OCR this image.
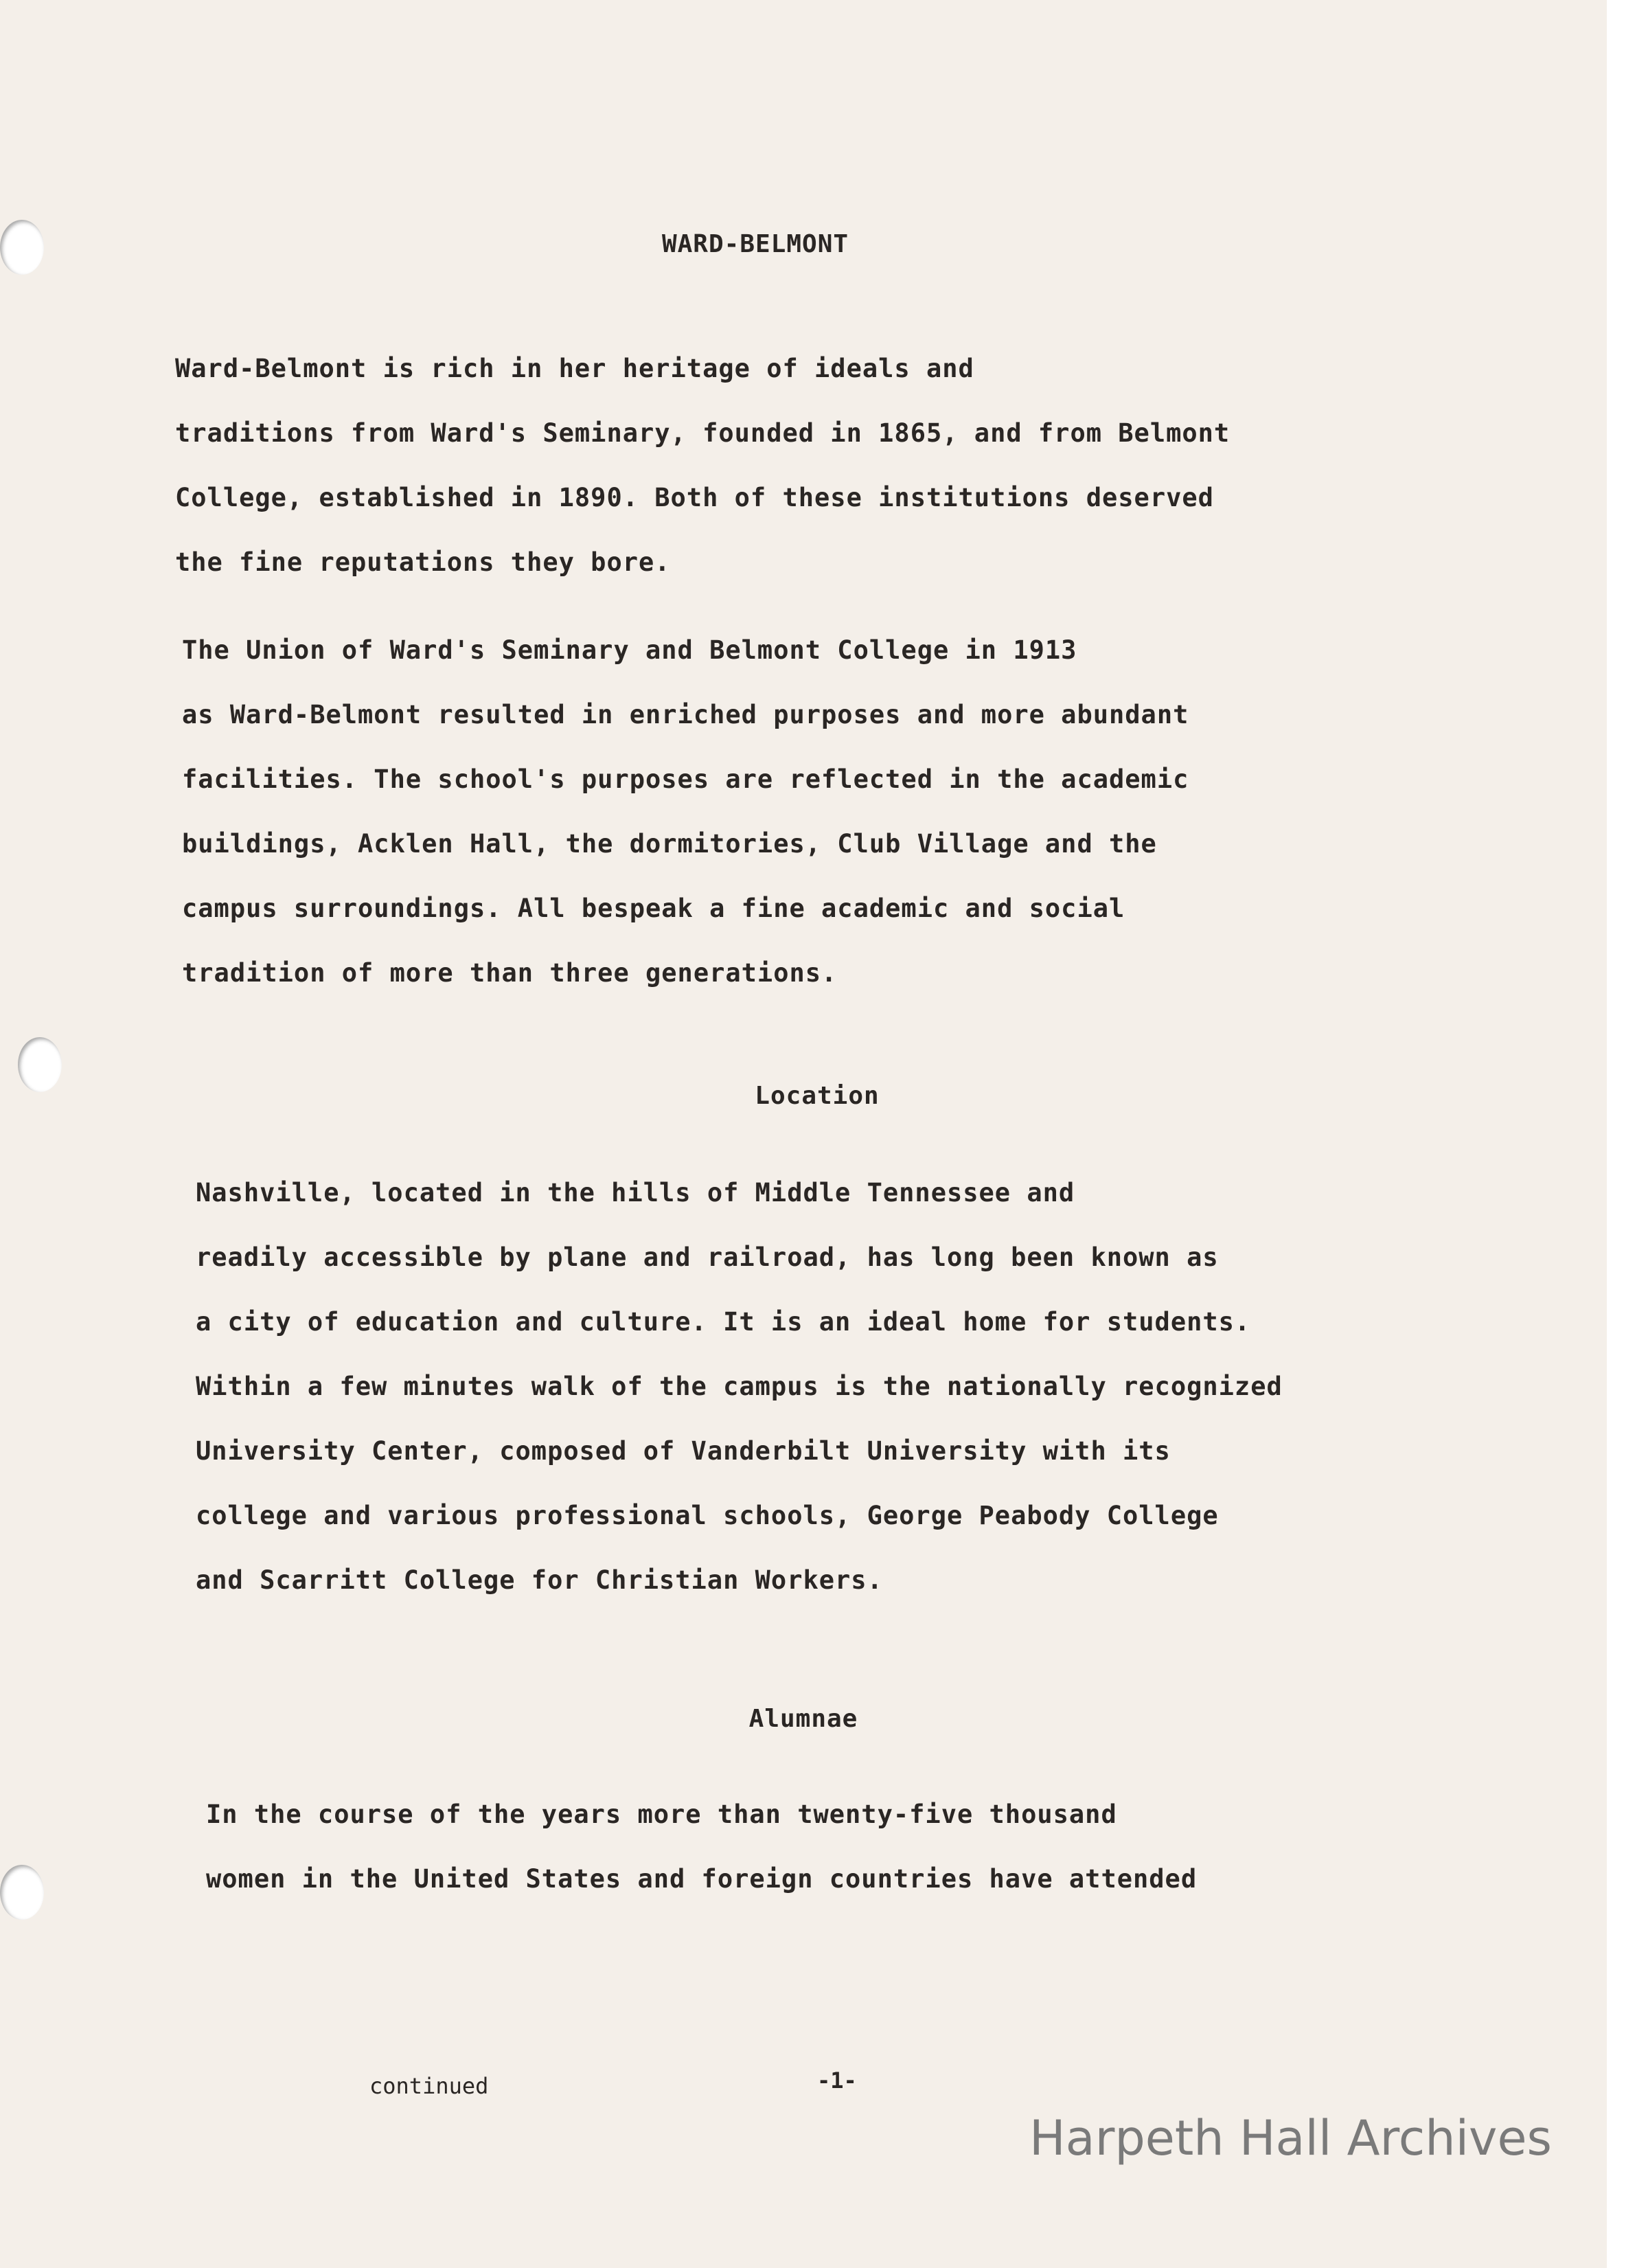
WARD-BELMONT
Ward-Belmont is rich in her heritage of ideals and
traditions from Ward's Seminary, founded in 1865, and from Belmont
College, established in 1890. Both of these institutions deserved
the fine reputations they bore.
The Union of Ward's Seminary and Belmont College in 1913
as Ward-Belmont resulted in enriched purposes and more abundant
facilities. The school's purposes are reflected in the academic
buildings, Acklen Hall, the dormitories, Club Village and the
campus surroundings. All bespeak a fine academic and social
tradition of more than three generations.
Location
Nashville, located in the hills of Middle Tennessee and
readily accessible by plane and railroad, has long been known as
a city of education and culture. It is an ideal home for students.
Within a few minutes walk of the campus is the nationally recognized
University Center, composed of Vanderbilt University with its
college and various professional schools, George Peabody College
and Scarritt College for Christian Workers.
Alumnae
In the course of the years more than twenty-five thousand
women in the United States and foreign countries have attended
continued	-1-
Harpeth Hall Archives
